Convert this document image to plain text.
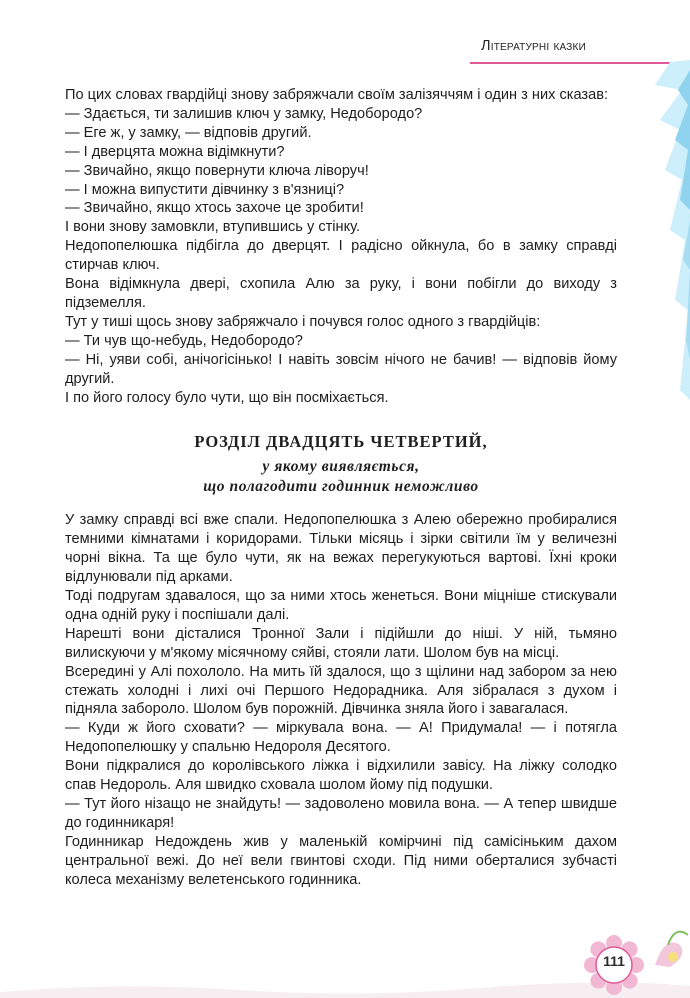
Літературні казки

По цих словах гвардійці знову забряжчали своїм залізяччям і один з них сказав:

— Здається, ти залишив ключ у замку, Недобородо?

— Еге ж, у замку, — відповів другий.

— І дверцята можна відімкнути?

— Звичайно, якщо повернути ключа ліворуч!

— І можна випустити дівчинку з в'язниці?

— Звичайно, якщо хтось захоче це зробити!

І вони знову замовкли, втупившись у стінку.

Недопопелюшка підбігла до дверцят. І радісно ойкнула, бо в замку справді стирчав ключ.

Вона відімкнула двері, схопила Алю за руку, і вони побігли до виходу з підземелля.

Тут у тиші щось знову забряжчало і почувся голос одного з гвардійців:

— Ти чув що-небудь, Недобородо?

— Ні, уяви собі, анічогісінько! І навіть зовсім нічого не бачив! — відповів йому другий.

І по його голосу було чути, що він посміхається.

РОЗДІЛ ДВАДЦЯТЬ ЧЕТВЕРТИЙ,
у якому виявляється,
що полагодити годинник неможливо

У замку справді всі вже спали. Недопопелюшка з Алею обережно пробиралися темними кімнатами і коридорами. Тільки місяць і зірки світили їм у величезні чорні вікна. Та ще було чути, як на вежах перегукуються вартові. Їхні кроки відлунювали під арками.

Тоді подругам здавалося, що за ними хтось женеться. Вони міцніше стискували одна одній руку і поспішали далі.

Нарешті вони дісталися Тронної Зали і підійшли до ніші. У ній, тьмяно вилискуючи у м'якому місячному сяйві, стояли лати. Шолом був на місці.

Всередині у Алі похололо. На мить їй здалося, що з щілини над забором за нею стежать холодні і лихі очі Першого Недорадника. Аля зібралася з духом і підняла заборолo. Шолом був порожній. Дівчинка зняла його і завагалася.

— Куди ж його сховати? — міркувала вона. — А! Придумала! — і потягла Недопопелюшку у спальню Недороля Десятого.

Вони підкралися до королівського ліжка і відхилили завісу. На ліжку солодко спав Недороль. Аля швидко сховала шолом йому під подушки.

— Тут його нізащо не знайдуть! — задоволено мовила вона. — А тепер швидше до годинникаря!

Годинникар Недождень жив у маленькій комірчині під самісіньким дахом центральної вежі. До неї вели гвинтові сходи. Під ними оберталися зубчасті колеса механізму велетенського годинника.

111
